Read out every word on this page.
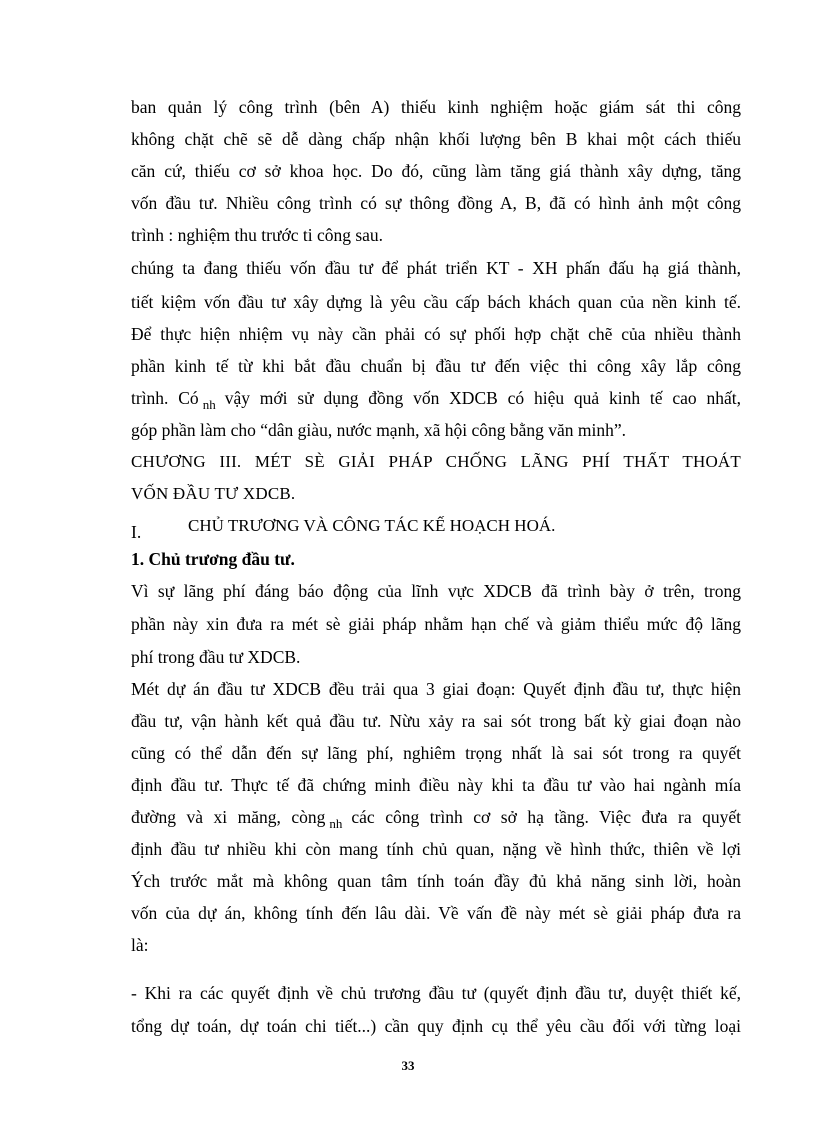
ban quản lý công trình (bên A) thiếu kinh nghiệm hoặc giám sát thi công
không chặt chẽ sẽ dễ dàng chấp nhận khối lượng bên B khai một cách thiếu
căn cứ, thiếu cơ sở khoa học. Do đó, cũng làm tăng giá thành xây dựng, tăng
vốn đầu tư. Nhiều công trình có sự thông đồng A, B, đã có hình ảnh một công
trình : nghiệm thu trước ti công sau.
chúng ta đang thiếu vốn đầu tư để phát triển KT - XH phấn đấu hạ giá thành,
tiết kiệm vốn đầu tư xây dựng là yêu cầu cấp bách khách quan của nền kinh tế.
Để thực hiện nhiệm vụ này cần phải có sự phối hợp chặt chẽ của nhiều thành
phần kinh tế từ khi bắt đầu chuẩn bị đầu tư đến việc thi công xây lắp công
trình. Có $_{nh}$ vậy mới sử dụng đồng vốn XDCB có hiệu quả kinh tế cao nhất,
góp phần làm cho “dân giàu, nước mạnh, xã hội công bằng văn minh”.
CHƯƠNG III. MÉT SÈ GIẢI PHÁP CHỐNG LÃNG PHÍ THẤT THOÁT
VỐN ĐẦU TƯ XDCB.
I.	CHỦ TRƯƠNG VÀ CÔNG TÁC KẾ HOẠCH HOÁ.
1. Chủ trương đầu tư.
Vì sự lãng phí đáng báo động của lĩnh vực XDCB đã trình bày ở trên, trong
phần này xin đưa ra mét sè giải pháp nhằm hạn chế và giảm thiểu mức độ lãng
phí trong đầu tư XDCB.
Mét dự án đầu tư XDCB đều trải qua 3 giai đoạn: Quyết định đầu tư, thực hiện
đầu tư, vận hành kết quả đầu tư. Nừu xảy ra sai sót trong bất kỳ giai đoạn nào
cũng có thể dẫn đến sự lãng phí, nghiêm trọng nhất là sai sót trong ra quyết
định đầu tư. Thực tế đã chứng minh điều này khi ta đầu tư vào hai ngành mía
đường và xi măng, còng $_{nh}$ các công trình cơ sở hạ tầng. Việc đưa ra quyết
định đầu tư nhiều khi còn mang tính chủ quan, nặng về hình thức, thiên về lợi
Ých trước mắt mà không quan tâm tính toán đầy đủ khả năng sinh lời, hoàn
vốn của dự án, không tính đến lâu dài. Về vấn đề này mét sè giải pháp đưa ra
là:
- Khi ra các quyết định về chủ trương đầu tư (quyết định đầu tư, duyệt thiết kế,
tổng dự toán, dự toán chi tiết...) cần quy định cụ thể yêu cầu đối với từng loại
33
